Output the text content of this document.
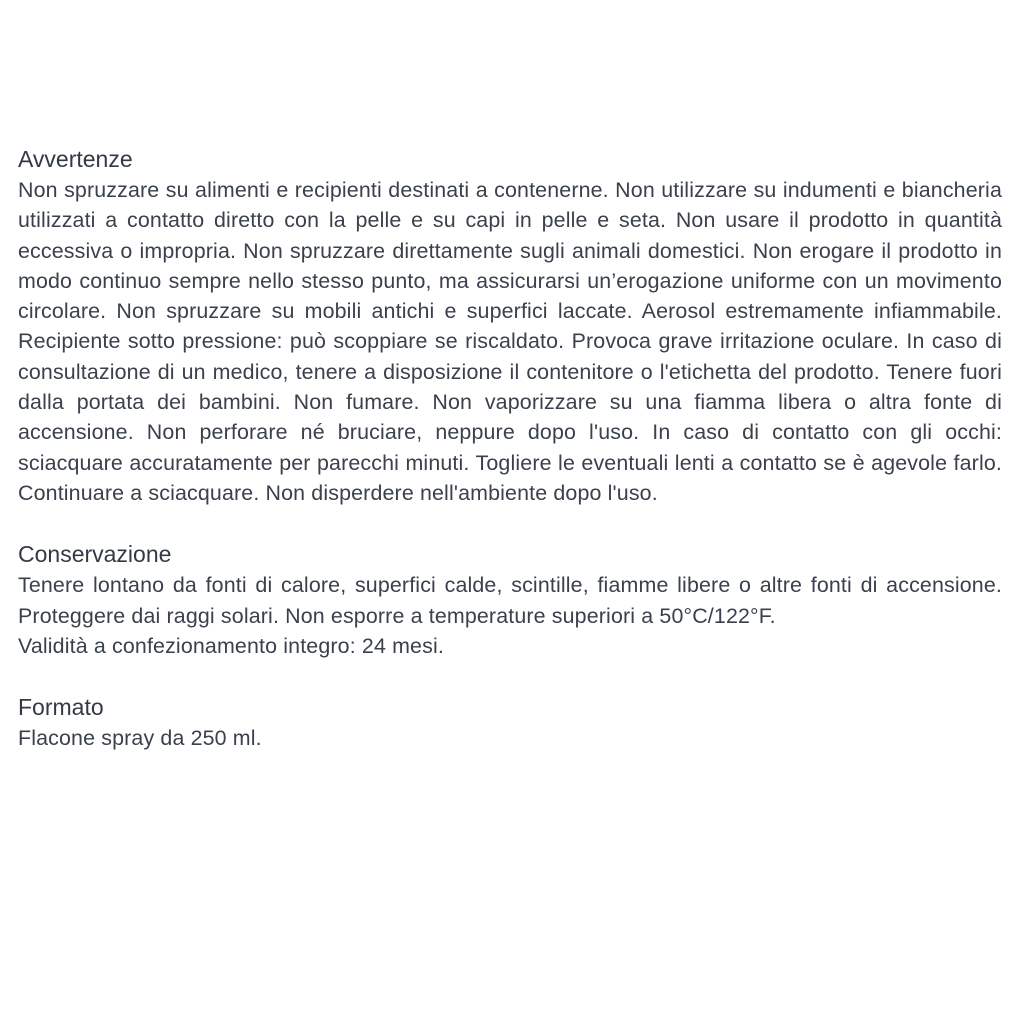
Avvertenze

Non spruzzare su alimenti e recipienti destinati a contenerne. Non utilizzare su indumenti e biancheria utilizzati a contatto diretto con la pelle e su capi in pelle e seta. Non usare il prodotto in quantità eccessiva o impropria. Non spruzzare direttamente sugli animali domestici. Non erogare il prodotto in modo continuo sempre nello stesso punto, ma assicurarsi un’erogazione uniforme con un movimento circolare. Non spruzzare su mobili antichi e superfici laccate. Aerosol estremamente infiammabile. Recipiente sotto pressione: può scoppiare se riscaldato. Provoca grave irritazione oculare. In caso di consultazione di un medico, tenere a disposizione il contenitore o l'etichetta del prodotto. Tenere fuori dalla portata dei bambini. Non fumare. Non vaporizzare su una fiamma libera o altra fonte di accensione. Non perforare né bruciare, neppure dopo l'uso. In caso di contatto con gli occhi: sciacquare accuratamente per parecchi minuti. Togliere le eventuali lenti a contatto se è agevole farlo. Continuare a sciacquare. Non disperdere nell'ambiente dopo l'uso.

Conservazione

Tenere lontano da fonti di calore, superfici calde, scintille, fiamme libere o altre fonti di accensione. Proteggere dai raggi solari. Non esporre a temperature superiori a 50°C/122°F.

Validità a confezionamento integro: 24 mesi.

Formato

Flacone spray da 250 ml.
